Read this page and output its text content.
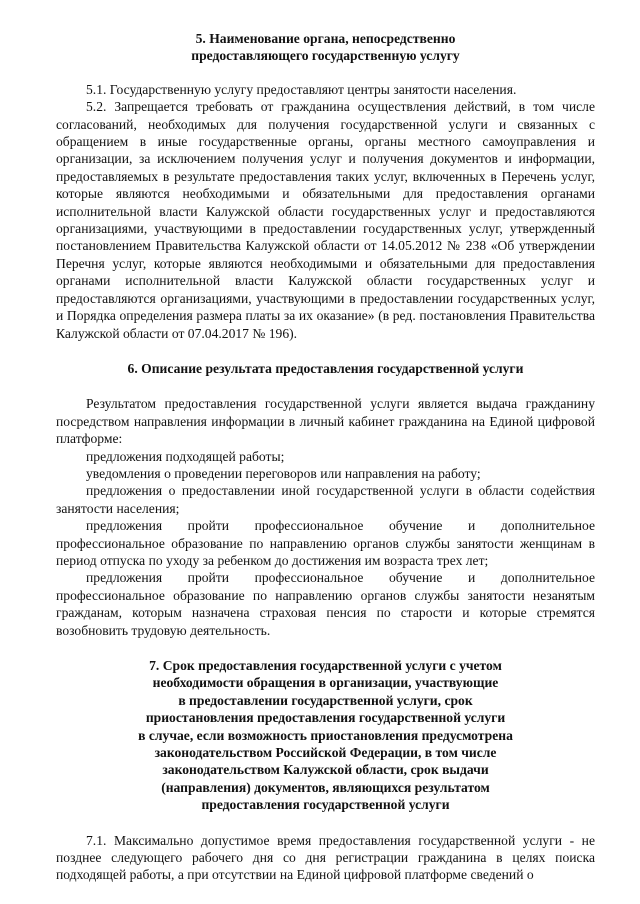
5. Наименование органа, непосредственно
предоставляющего государственную услугу

5.1. Государственную услугу предоставляют центры занятости населения.

5.2. Запрещается требовать от гражданина осуществления действий, в том числе согласований, необходимых для получения государственной услуги и связанных с обращением в иные государственные органы, органы местного самоуправления и организации, за исключением получения услуг и получения документов и информации, предоставляемых в результате предоставления таких услуг, включенных в Перечень услуг, которые являются необходимыми и обязательными для предоставления органами исполнительной власти Калужской области государственных услуг и предоставляются организациями, участвующими в предоставлении государственных услуг, утвержденный постановлением Правительства Калужской области от 14.05.2012 № 238 «Об утверждении Перечня услуг, которые являются необходимыми и обязательными для предоставления органами исполнительной власти Калужской области государственных услуг и предоставляются организациями, участвующими в предоставлении государственных услуг, и Порядка определения размера платы за их оказание» (в ред. постановления Правительства Калужской области от 07.04.2017 № 196).

6. Описание результата предоставления государственной услуги

Результатом предоставления государственной услуги является выдача гражданину посредством направления информации в личный кабинет гражданина на Единой цифровой платформе:

предложения подходящей работы;

уведомления о проведении переговоров или направления на работу;

предложения о предоставлении иной государственной услуги в области содействия занятости населения;

предложения пройти профессиональное обучение и дополнительное профессиональное образование по направлению органов службы занятости женщинам в период отпуска по уходу за ребенком до достижения им возраста трех лет;

предложения пройти профессиональное обучение и дополнительное профессиональное образование по направлению органов службы занятости незанятым гражданам, которым назначена страховая пенсия по старости и которые стремятся возобновить трудовую деятельность.

7. Срок предоставления государственной услуги с учетом
необходимости обращения в организации, участвующие
в предоставлении государственной услуги, срок
приостановления предоставления государственной услуги
в случае, если возможность приостановления предусмотрена
законодательством Российской Федерации, в том числе
законодательством Калужской области, срок выдачи
(направления) документов, являющихся результатом
предоставления государственной услуги

7.1. Максимально допустимое время предоставления государственной услуги - не позднее следующего рабочего дня со дня регистрации гражданина в целях поиска подходящей работы, а при отсутствии на Единой цифровой платформе сведений о
